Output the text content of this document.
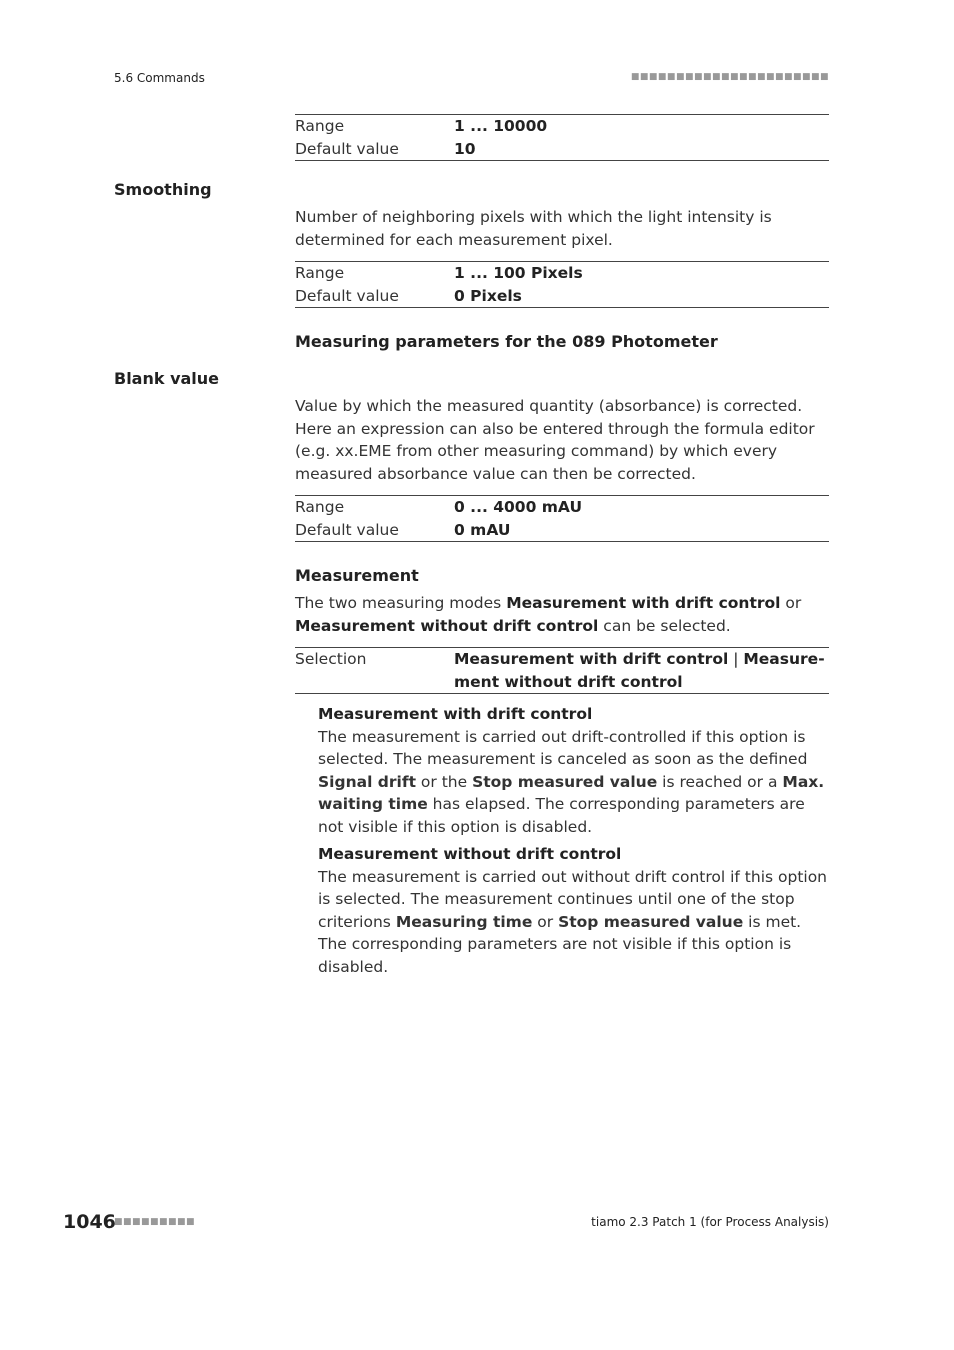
5.6 Commands	■■■■■■■■■■■■■■■■■■■■■■
Range	1 ... 10000
Default value	10
Smoothing
Number of neighboring pixels with which the light intensity is determined for each measurement pixel.
Range	1 ... 100 Pixels
Default value	0 Pixels
Measuring parameters for the 089 Photometer
Blank value
Value by which the measured quantity (absorbance) is corrected. Here an expression can also be entered through the formula editor (e.g. xx.EME from other measuring command) by which every measured absorbance value can then be corrected.
Range	0 ... 4000 mAU
Default value	0 mAU
Measurement
The two measuring modes Measurement with drift control or Measurement without drift control can be selected.
Selection	Measurement with drift control | Measurement without drift control
Measurement with drift control
The measurement is carried out drift-controlled if this option is selected. The measurement is canceled as soon as the defined Signal drift or the Stop measured value is reached or a Max. waiting time has elapsed. The corresponding parameters are not visible if this option is disabled.
Measurement without drift control
The measurement is carried out without drift control if this option is selected. The measurement continues until one of the stop criterions Measuring time or Stop measured value is met. The corresponding parameters are not visible if this option is disabled.
1046
■■■■■■■■■	tiamo 2.3 Patch 1 (for Process Analysis)
